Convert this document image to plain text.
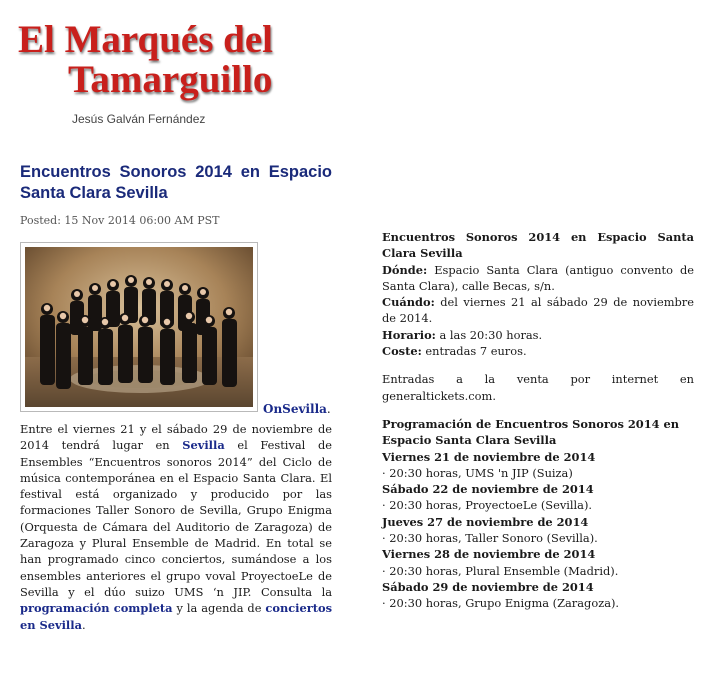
El Marqués del
Tamarguillo
Jesús Galván Fernández
Encuentros Sonoros 2014 en Espacio Santa Clara Sevilla
Posted: 15 Nov 2014 06:00 AM PST
OnSevilla.
Entre el viernes 21 y el sábado 29 de noviembre de 2014 tendrá lugar en Sevilla el Festival de Ensembles “Encuentros sonoros 2014” del Ciclo de música contemporánea en el Espacio Santa Clara. El festival está organizado y producido por las formaciones Taller Sonoro de Sevilla, Grupo Enigma (Orquesta de Cámara del Auditorio de Zaragoza) de Zaragoza y Plural Ensemble de Madrid. En total se han programado cinco conciertos, sumándose a los ensembles anteriores el grupo voval ProyectoeLe de Sevilla y el dúo suizo UMS ‘n JIP. Consulta la programación completa y la agenda de conciertos en Sevilla.

Encuentros Sonoros 2014 en Espacio Santa Clara Sevilla

Dónde: Espacio Santa Clara (antiguo convento de Santa Clara), calle Becas, s/n.

Cuándo: del viernes 21 al sábado 29 de noviembre de 2014.

Horario: a las 20:30 horas.

Coste: entradas 7 euros.

Entradas a la venta por internet en generaltickets.com.

Programación de Encuentros Sonoros 2014 en Espacio Santa Clara Sevilla

Viernes 21 de noviembre de 2014

· 20:30 horas, UMS 'n JIP (Suiza)

Sábado 22 de noviembre de 2014

· 20:30 horas, ProyectoeLe (Sevilla).

Jueves 27 de noviembre de 2014

· 20:30 horas, Taller Sonoro (Sevilla).

Viernes 28 de noviembre de 2014

· 20:30 horas, Plural Ensemble (Madrid).

Sábado 29 de noviembre de 2014

· 20:30 horas, Grupo Enigma (Zaragoza).
